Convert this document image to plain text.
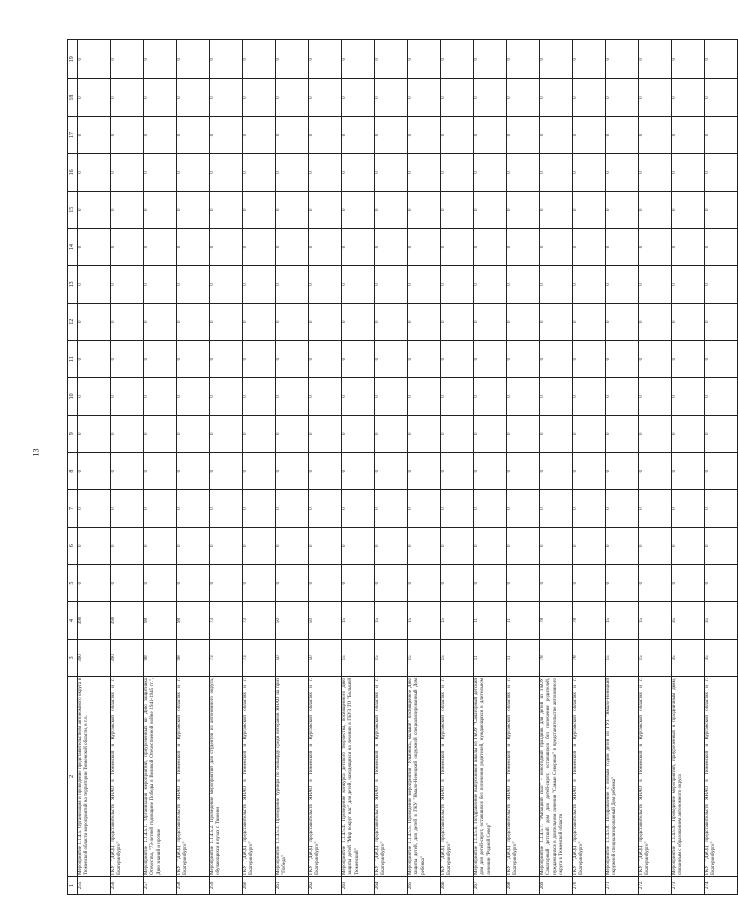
13
1	2	3	4	5	6	7	8	9	10	11	12	13	14	15	16	17	18	19
255	Мероприятие 1.1.4.5. Организация и проведение представительством автономного округа в Тюменской области мероприятий на территории Тюменской области, в т.ч.	390	390	0	0	0	0	0	0	0	0	0	0	0	0	0	0	0
256	ГКУ "ДиОД представительств ЯНАО в Тюменской и Курганской областях и г. Екатеринбурге"	390	390	0	0	0	0	0	0	0	0	0	0	0	0	0	0	0
257	Мероприятие 1.1.4.5.1. Организация мероприятий, приуроченных ко Дню защитника Отечества, "73-летней годовщине Победы в Великой Отечественной войне 1941-1945 гг.", Дню знаний и прочие	98	98	0	0	0	0	0	0	0	0	0	0	0	0	0	0	0
258	ГКУ "ДиОД представительств ЯНАО в Тюменской и Курганской областях и г. Екатеринбурге"	98	98	0	0	0	0	0	0	0	0	0	0	0	0	0	0	0
259	Мероприятие 1.1.4.5.2. Проведение мероприятий для студентов из автономного округа, обучающихся в вузах г. Тюмени	73	73	0	0	0	0	0	0	0	0	0	0	0	0	0	0	0
260	ГКУ "ДиОД представительств ЯНАО в Тюменской и Курганской областях и г. Екатеринбурге"	73	73	0	0	0	0	0	0	0	0	0	0	0	0	0	0	0
261	Мероприятие 1.1.4.5.3. Проведение турнира по бильярду среди ветеранов ЯНАО на приз "Победа"	50	50	0	0	0	0	0	0	0	0	0	0	0	0	0	0	0
262	ГКУ "ДиОД представительств ЯНАО в Тюменской и Курганской областях и г. Екатеринбурге"	50	50	0	0	0	0	0	0	0	0	0	0	0	0	0	0	0
263	Мероприятие 1.1.4.5.4. Проведение конкурса детского творчества, посвященного Дню защиты детей "Мир вокруг нас" для детей, находящихся на лечении в ГБУЗ ТО "Большой Тюменский"	15	15	0	0	0	0	0	0	0	0	0	0	0	0	0	0	0
264	ГКУ "ДиОД представительств ЯНАО в Тюменской и Курганской областях и г. Екатеринбурге"	15	15	0	0	0	0	0	0	0	0	0	0	0	0	0	0	0
265	Мероприятие 1.1.4.5.5. Проведение мероприятия "Улыбнись, малыш!" посвященное Дню защиты детей, для детей в ГКУ "Ямало-Ненецкий окружной специализированный Дом ребенка"	15	15	0	0	0	0	0	0	0	0	0	0	0	0	0	0	0
266	ГКУ "ДиОД представительств ЯНАО в Тюменской и Курганской областях и г. Екатеринбурге"	15	15	0	0	0	0	0	0	0	0	0	0	0	0	0	0	0
267	Мероприятие 1.1.4.5.6. Поздравление выпускников школы из ГБОУ "Санаторный детский дом для детей-сирот, оставшихся без попечения родителей, нуждающихся в длительном лечении "Родной Север"	11	11	0	0	0	0	0	0	0	0	0	0	0	0	0	0	0
268	ГКУ "ДиОД представительств ЯНАО в Тюменской и Курганской областях и г. Екатеринбурге"	11	11	0	0	0	0	0	0	0	0	0	0	0	0	0	0	0
269	Мероприятие 1.1.4.5.7. "Рыбацкий сказ" - новогодний праздник для детей из ГБОУ Санаторный детский дом для детей-сирот, оставшихся без попечения родителей, нуждающихся в длительном лечении "Самые Северные" в представительстве автономного округа в Тюменской области	78	78	0	0	0	0	0	0	0	0	0	0	0	0	0	0	0
270	ГКУ "ДиОД представительств ЯНАО в Тюменской и Курганской областях и г. Екатеринбурге"	78	78	0	0	0	0	0	0	0	0	0	0	0	0	0	0	0
271	Мероприятие 1.1.4.5.8. Поздравление с Новым годом детей из ГУЗ "Ямало-Ненецкий окружной специализированный Дом ребенка"	15	15	0	0	0	0	0	0	0	0	0	0	0	0	0	0	0
272	ГКУ "ДиОД представительств ЯНАО в Тюменской и Курганской областях и г. Екатеринбурге"	15	15	0	0	0	0	0	0	0	0	0	0	0	0	0	0	0
273	Мероприятие 1.1.4.5.9. Проведение мероприятий, приуроченных к праздничным дням, связанным с образованием автономного округа	35	35	0	0	0	0	0	0	0	0	0	0	0	0	0	0	0
274	ГКУ "ДиОД представительств ЯНАО в Тюменской и Курганской областях и г. Екатеринбурге"	35	35	0	0	0	0	0	0	0	0	0	0	0	0	0	0	0
